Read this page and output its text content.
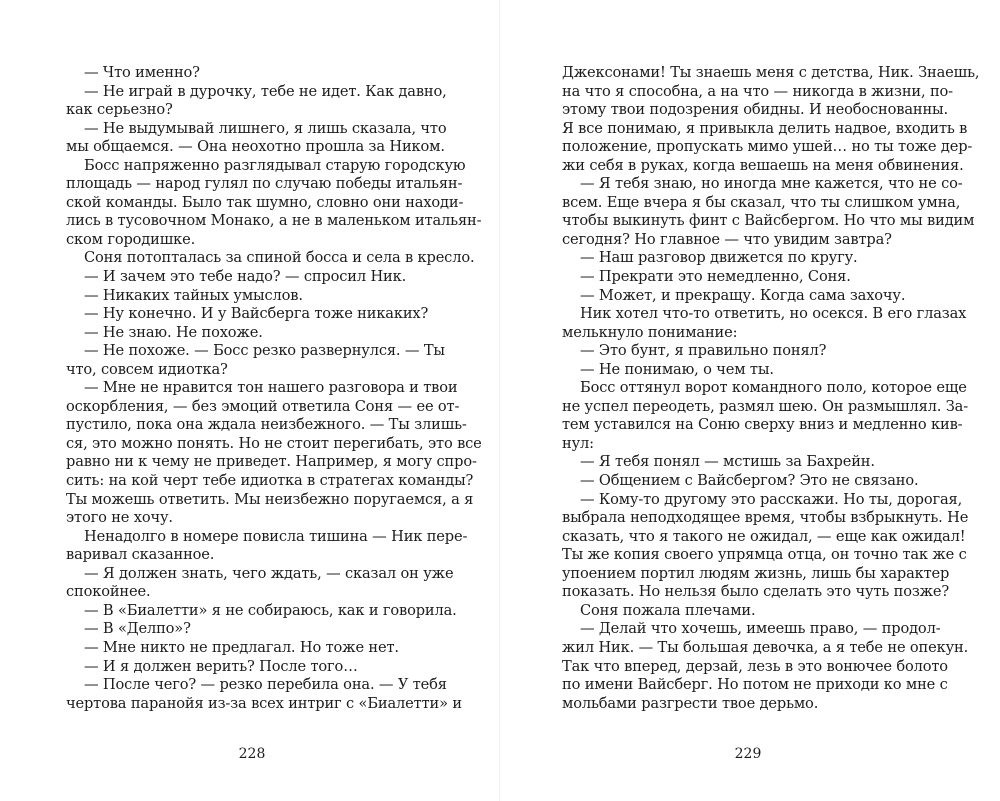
— Что именно?
— Не играй в дурочку, тебе не идет. Как давно,
как серьезно?
— Не выдумывай лишнего, я лишь сказала, что
мы общаемся. — Она неохотно прошла за Ником.
Босс напряженно разглядывал старую городскую
площадь — народ гулял по случаю победы итальян-
ской команды. Было так шумно, словно они находи-
лись в тусовочном Монако, а не в маленьком итальян-
ском городишке.
Соня потопталась за спиной босса и села в кресло.
— И зачем это тебе надо? — спросил Ник.
— Никаких тайных умыслов.
— Ну конечно. И у Вайсберга тоже никаких?
— Не знаю. Не похоже.
— Не похоже. — Босс резко развернулся. — Ты
что, совсем идиотка?
— Мне не нравится тон нашего разговора и твои
оскорбления, — без эмоций ответила Соня — ее от-
пустило, пока она ждала неизбежного. — Ты злишь-
ся, это можно понять. Но не стоит перегибать, это все
равно ни к чему не приведет. Например, я могу спро-
сить: на кой черт тебе идиотка в стратегах команды?
Ты можешь ответить. Мы неизбежно поругаемся, а я
этого не хочу.
Ненадолго в номере повисла тишина — Ник пере-
варивал сказанное.
— Я должен знать, чего ждать, — сказал он уже
спокойнее.
— В «Биалетти» я не собираюсь, как и говорила.
— В «Делпо»?
— Мне никто не предлагал. Но тоже нет.
— И я должен верить? После того…
— После чего? — резко перебила она. — У тебя
чертова паранойя из-за всех интриг с «Биалетти» и
228
Джексонами! Ты знаешь меня с детства, Ник. Знаешь,
на что я способна, а на что — никогда в жизни, по-
этому твои подозрения обидны. И необоснованны.
Я все понимаю, я привыкла делить надвое, входить в
положение, пропускать мимо ушей… но ты тоже дер-
жи себя в руках, когда вешаешь на меня обвинения.
— Я тебя знаю, но иногда мне кажется, что не со-
всем. Еще вчера я бы сказал, что ты слишком умна,
чтобы выкинуть финт с Вайсбергом. Но что мы видим
сегодня? Но главное — что увидим завтра?
— Наш разговор движется по кругу.
— Прекрати это немедленно, Соня.
— Может, и прекращу. Когда сама захочу.
Ник хотел что-то ответить, но осекся. В его глазах
мелькнуло понимание:
— Это бунт, я правильно понял?
— Не понимаю, о чем ты.
Босс оттянул ворот командного поло, которое еще
не успел переодеть, размял шею. Он размышлял. За-
тем уставился на Соню сверху вниз и медленно кив-
нул:
— Я тебя понял — мстишь за Бахрейн.
— Общением с Вайсбергом? Это не связано.
— Кому-то другому это расскажи. Но ты, дорогая,
выбрала неподходящее время, чтобы взбрыкнуть. Не
сказать, что я такого не ожидал, — еще как ожидал!
Ты же копия своего упрямца отца, он точно так же с
упоением портил людям жизнь, лишь бы характер
показать. Но нельзя было сделать это чуть позже?
Соня пожала плечами.
— Делай что хочешь, имеешь право, — продол-
жил Ник. — Ты большая девочка, а я тебе не опекун.
Так что вперед, дерзай, лезь в это вонючее болото
по имени Вайсберг. Но потом не приходи ко мне с
мольбами разгрести твое дерьмо.
229
